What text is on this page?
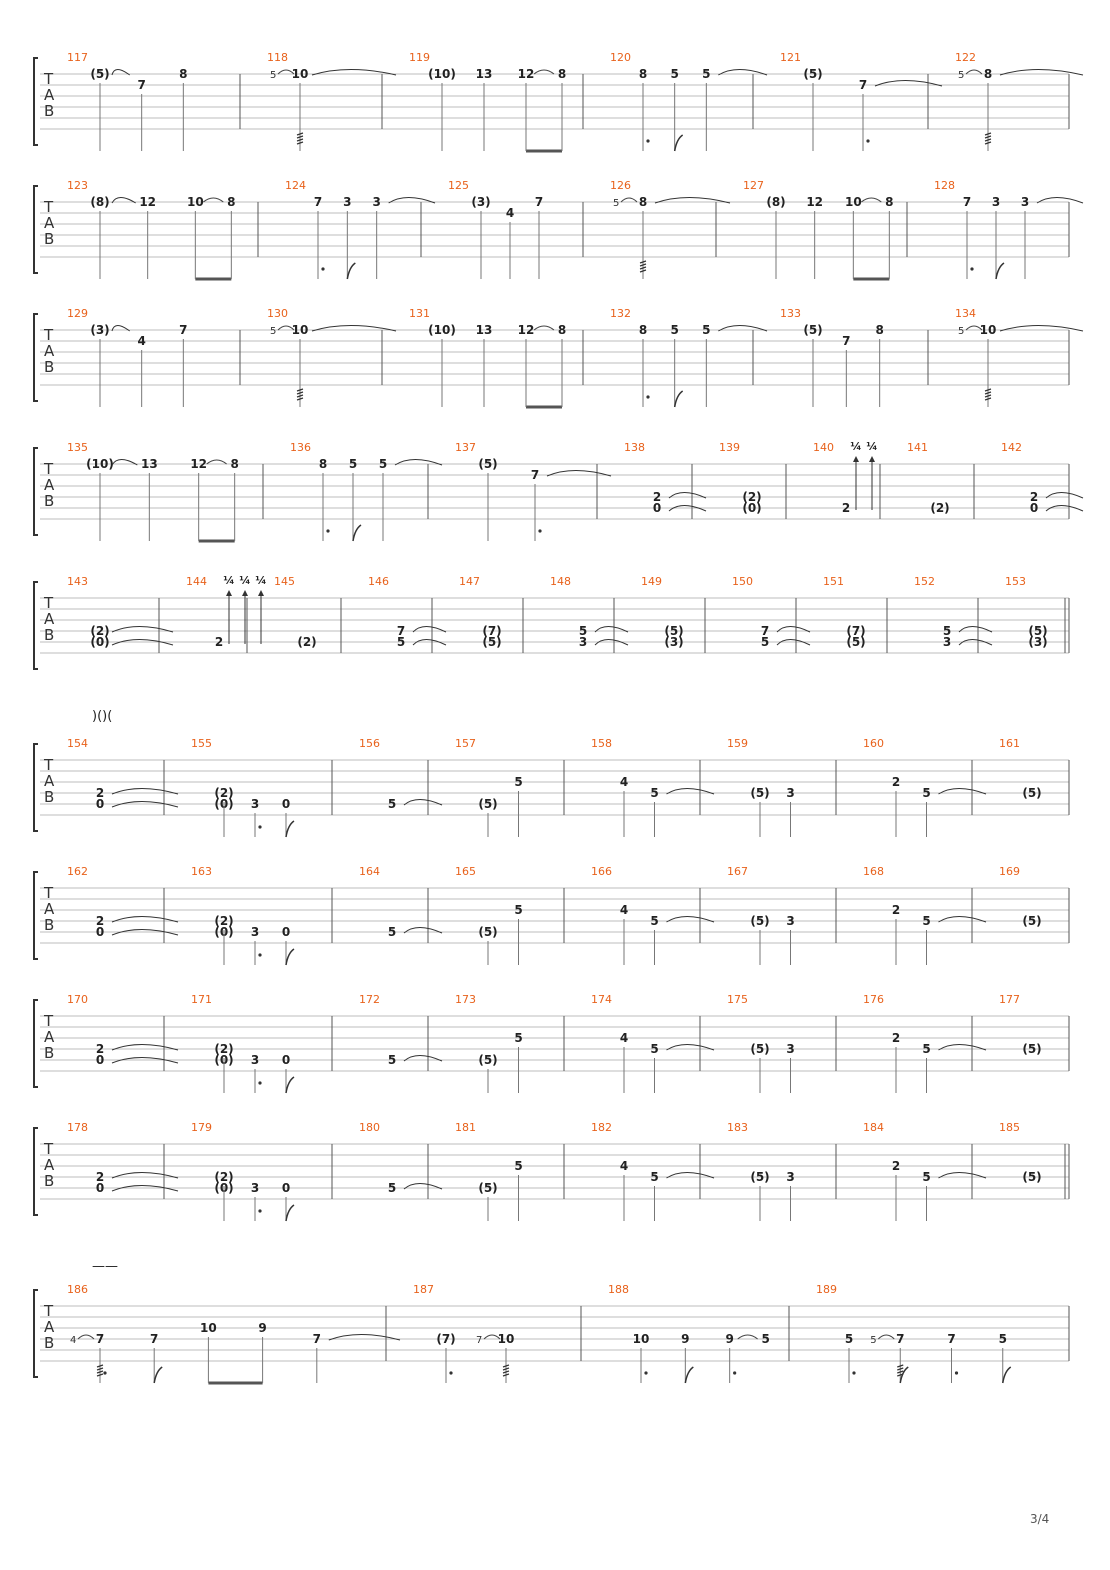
)()(
——
T
A
B
117
(5)
7
8
118
5 10
119
(10) 13 12 8
120
8 5 5
121
(5)
7
122
5 8
T
A
B
123
(8) 12	10 8
124
7 3 3
125
(3)
4
7
126
5 8
127
(8) 12 10 8
128
7 3 3
T
A
B
129
(3)
4
7
130
5 10
131
(10) 13 12 8
132
8 5 5
133
(5)
7
8
134
5 10
T
A
B
135
(10) 13	12 8
136
8 5 5
137
(5)
7
138
2
0
139
(2)
(0)
140
2
¼ ¼	141
(2)
142
2
0
T
A
B
143
(2)
(0)
144
2
¼ ¼ ¼ 145
(2)
146
7
5
147
(7)
(5)
148
5
3
149
(5)
(3)
150
7
5
151
(7)
(5)
152
5
3
153
(5)
(3)
T
A
B
154
2
0
155
(2)
(0) 3 0
156
5
157
(5)
5
158
4
5
159
(5) 3
160
2
5
161
(5)
T
A
B
162
2
0
163
(2)
(0) 3 0
164
5
165
(5)
5
166
4
5
167
(5) 3
168
2
5
169
(5)
T
A
B
170
2
0
171
(2)
(0) 3 0
172
5
173
(5)
5
174
4
5
175
(5) 3
176
2
5
177
(5)
T
A
B
178
2
0
179
(2)
(0) 3 0
180
5
181
(5)
5
182
4
5
183
(5) 3
184
2
5
185
(5)
T
A
B
186
4 7	7
10	9
7
187
(7) 7 10
188
10	9	9 5
189
5 5 7	7	5
3/4
